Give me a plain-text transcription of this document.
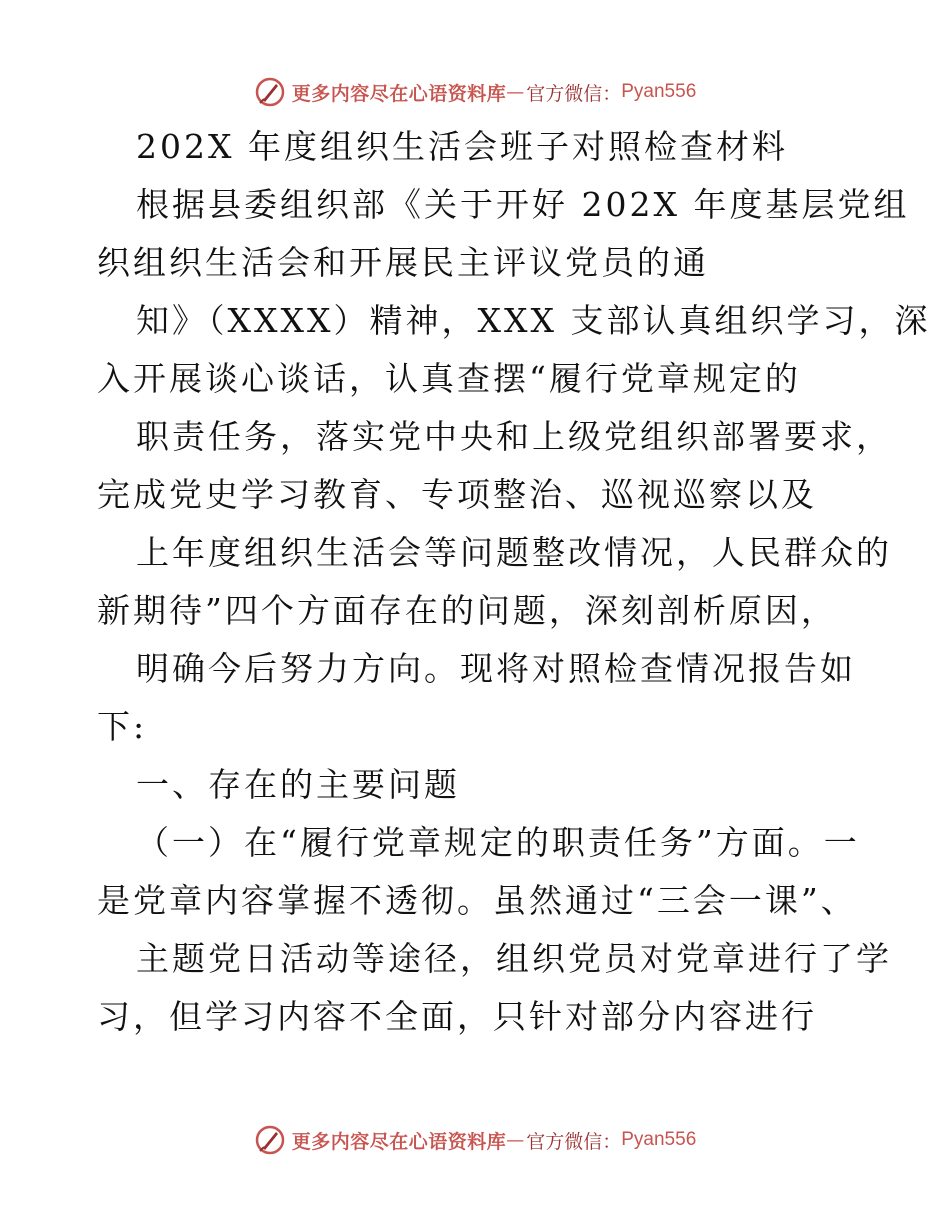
更多内容尽在心语资料库 — 官方微信： Pyan556
202X 年度组织生活会班子对照检查材料
根据县委组织部《关于开好 202X 年度基层党组
织组织生活会和开展民主评议党员的通
知》（XXXX）精神，XXX 支部认真组织学习，深
入开展谈心谈话，认真查摆“履行党章规定的
职责任务，落实党中央和上级党组织部署要求，
完成党史学习教育、专项整治、巡视巡察以及
上年度组织生活会等问题整改情况，人民群众的
新期待”四个方面存在的问题，深刻剖析原因，
明确今后努力方向。现将对照检查情况报告如
下:
一、存在的主要问题
（一）在“履行党章规定的职责任务”方面。一
是党章内容掌握不透彻。虽然通过“三会一课”、
主题党日活动等途径，组织党员对党章进行了学
习，但学习内容不全面，只针对部分内容进行
更多内容尽在心语资料库 — 官方微信： Pyan556
